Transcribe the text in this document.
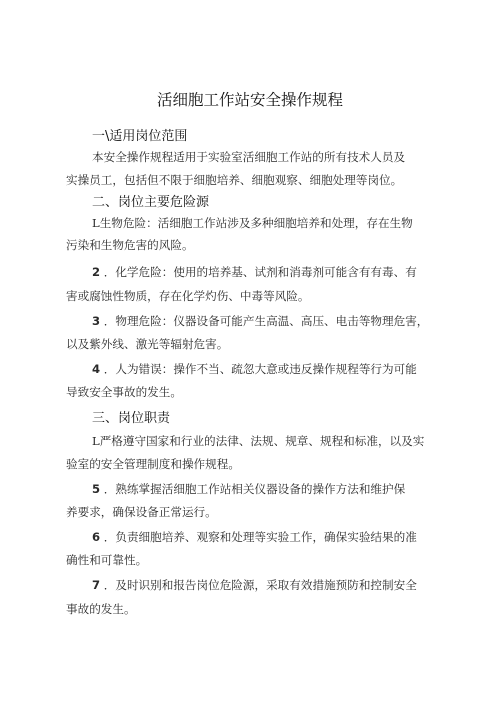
活细胞工作站安全操作规程
一\适用岗位范围
本安全操作规程适用于实验室活细胞工作站的所有技术人员及
实操员工，包括但不限于细胞培养、细胞观察、细胞处理等岗位。
二、岗位主要危险源
L生物危险：活细胞工作站涉及多种细胞培养和处理，存在生物
污染和生物危害的风险。
2 ．化学危险：使用的培养基、试剂和消毒剂可能含有有毒、有
害或腐蚀性物质，存在化学灼伤、中毒等风险。
3 ．物理危险：仪器设备可能产生高温、高压、电击等物理危害，
以及紫外线、激光等辐射危害。
4 ．人为错误：操作不当、疏忽大意或违反操作规程等行为可能
导致安全事故的发生。
三、岗位职责
L严格遵守国家和行业的法律、法规、规章、规程和标准，以及实
验室的安全管理制度和操作规程。
5 ．熟练掌握活细胞工作站相关仪器设备的操作方法和维护保
养要求，确保设备正常运行。
6 ．负责细胞培养、观察和处理等实验工作，确保实验结果的准
确性和可靠性。
7 ．及时识别和报告岗位危险源，采取有效措施预防和控制安全
事故的发生。
